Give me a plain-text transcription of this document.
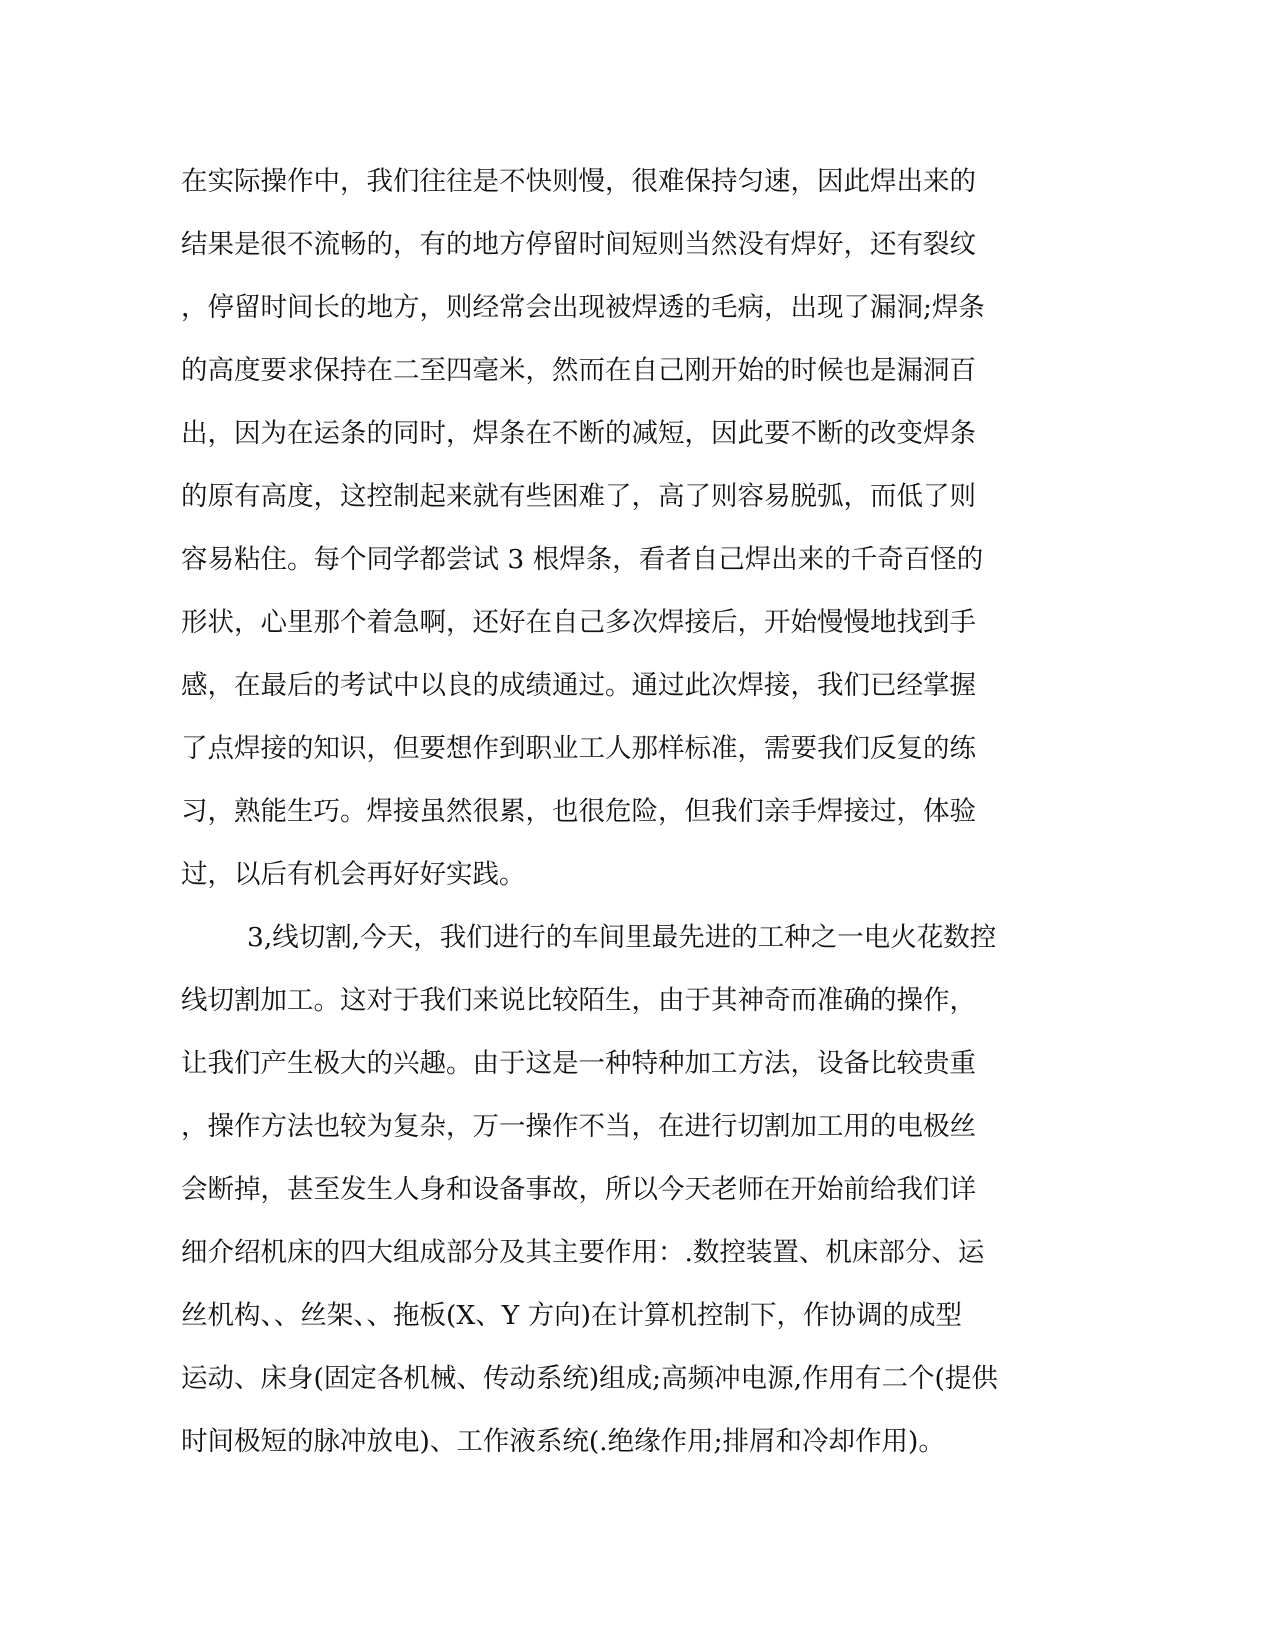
在实际操作中，我们往往是不快则慢，很难保持匀速，因此焊出来的
结果是很不流畅的，有的地方停留时间短则当然没有焊好，还有裂纹
，停留时间长的地方，则经常会出现被焊透的毛病，出现了漏洞;焊条
的高度要求保持在二至四毫米，然而在自己刚开始的时候也是漏洞百
出，因为在运条的同时，焊条在不断的减短，因此要不断的改变焊条
的原有高度，这控制起来就有些困难了，高了则容易脱弧，而低了则
容易粘住。每个同学都尝试 3 根焊条，看者自己焊出来的千奇百怪的
形状，心里那个着急啊，还好在自己多次焊接后，开始慢慢地找到手
感，在最后的考试中以良的成绩通过。通过此次焊接，我们已经掌握
了点焊接的知识，但要想作到职业工人那样标准，需要我们反复的练
习，熟能生巧。焊接虽然很累，也很危险，但我们亲手焊接过，体验
过，以后有机会再好好实践。
3,线切割,今天，我们进行的车间里最先进的工种之一电火花数控
线切割加工。这对于我们来说比较陌生，由于其神奇而准确的操作，
让我们产生极大的兴趣。由于这是一种特种加工方法，设备比较贵重
，操作方法也较为复杂，万一操作不当，在进行切割加工用的电极丝
会断掉，甚至发生人身和设备事故，所以今天老师在开始前给我们详
细介绍机床的四大组成部分及其主要作用：.数控装置、机床部分、运
丝机构、、丝架、、拖板(X、Y 方向)在计算机控制下，作协调的成型
运动、床身(固定各机械、传动系统)组成;高频冲电源,作用有二个(提供
时间极短的脉冲放电)、工作液系统(.绝缘作用;排屑和冷却作用)。
